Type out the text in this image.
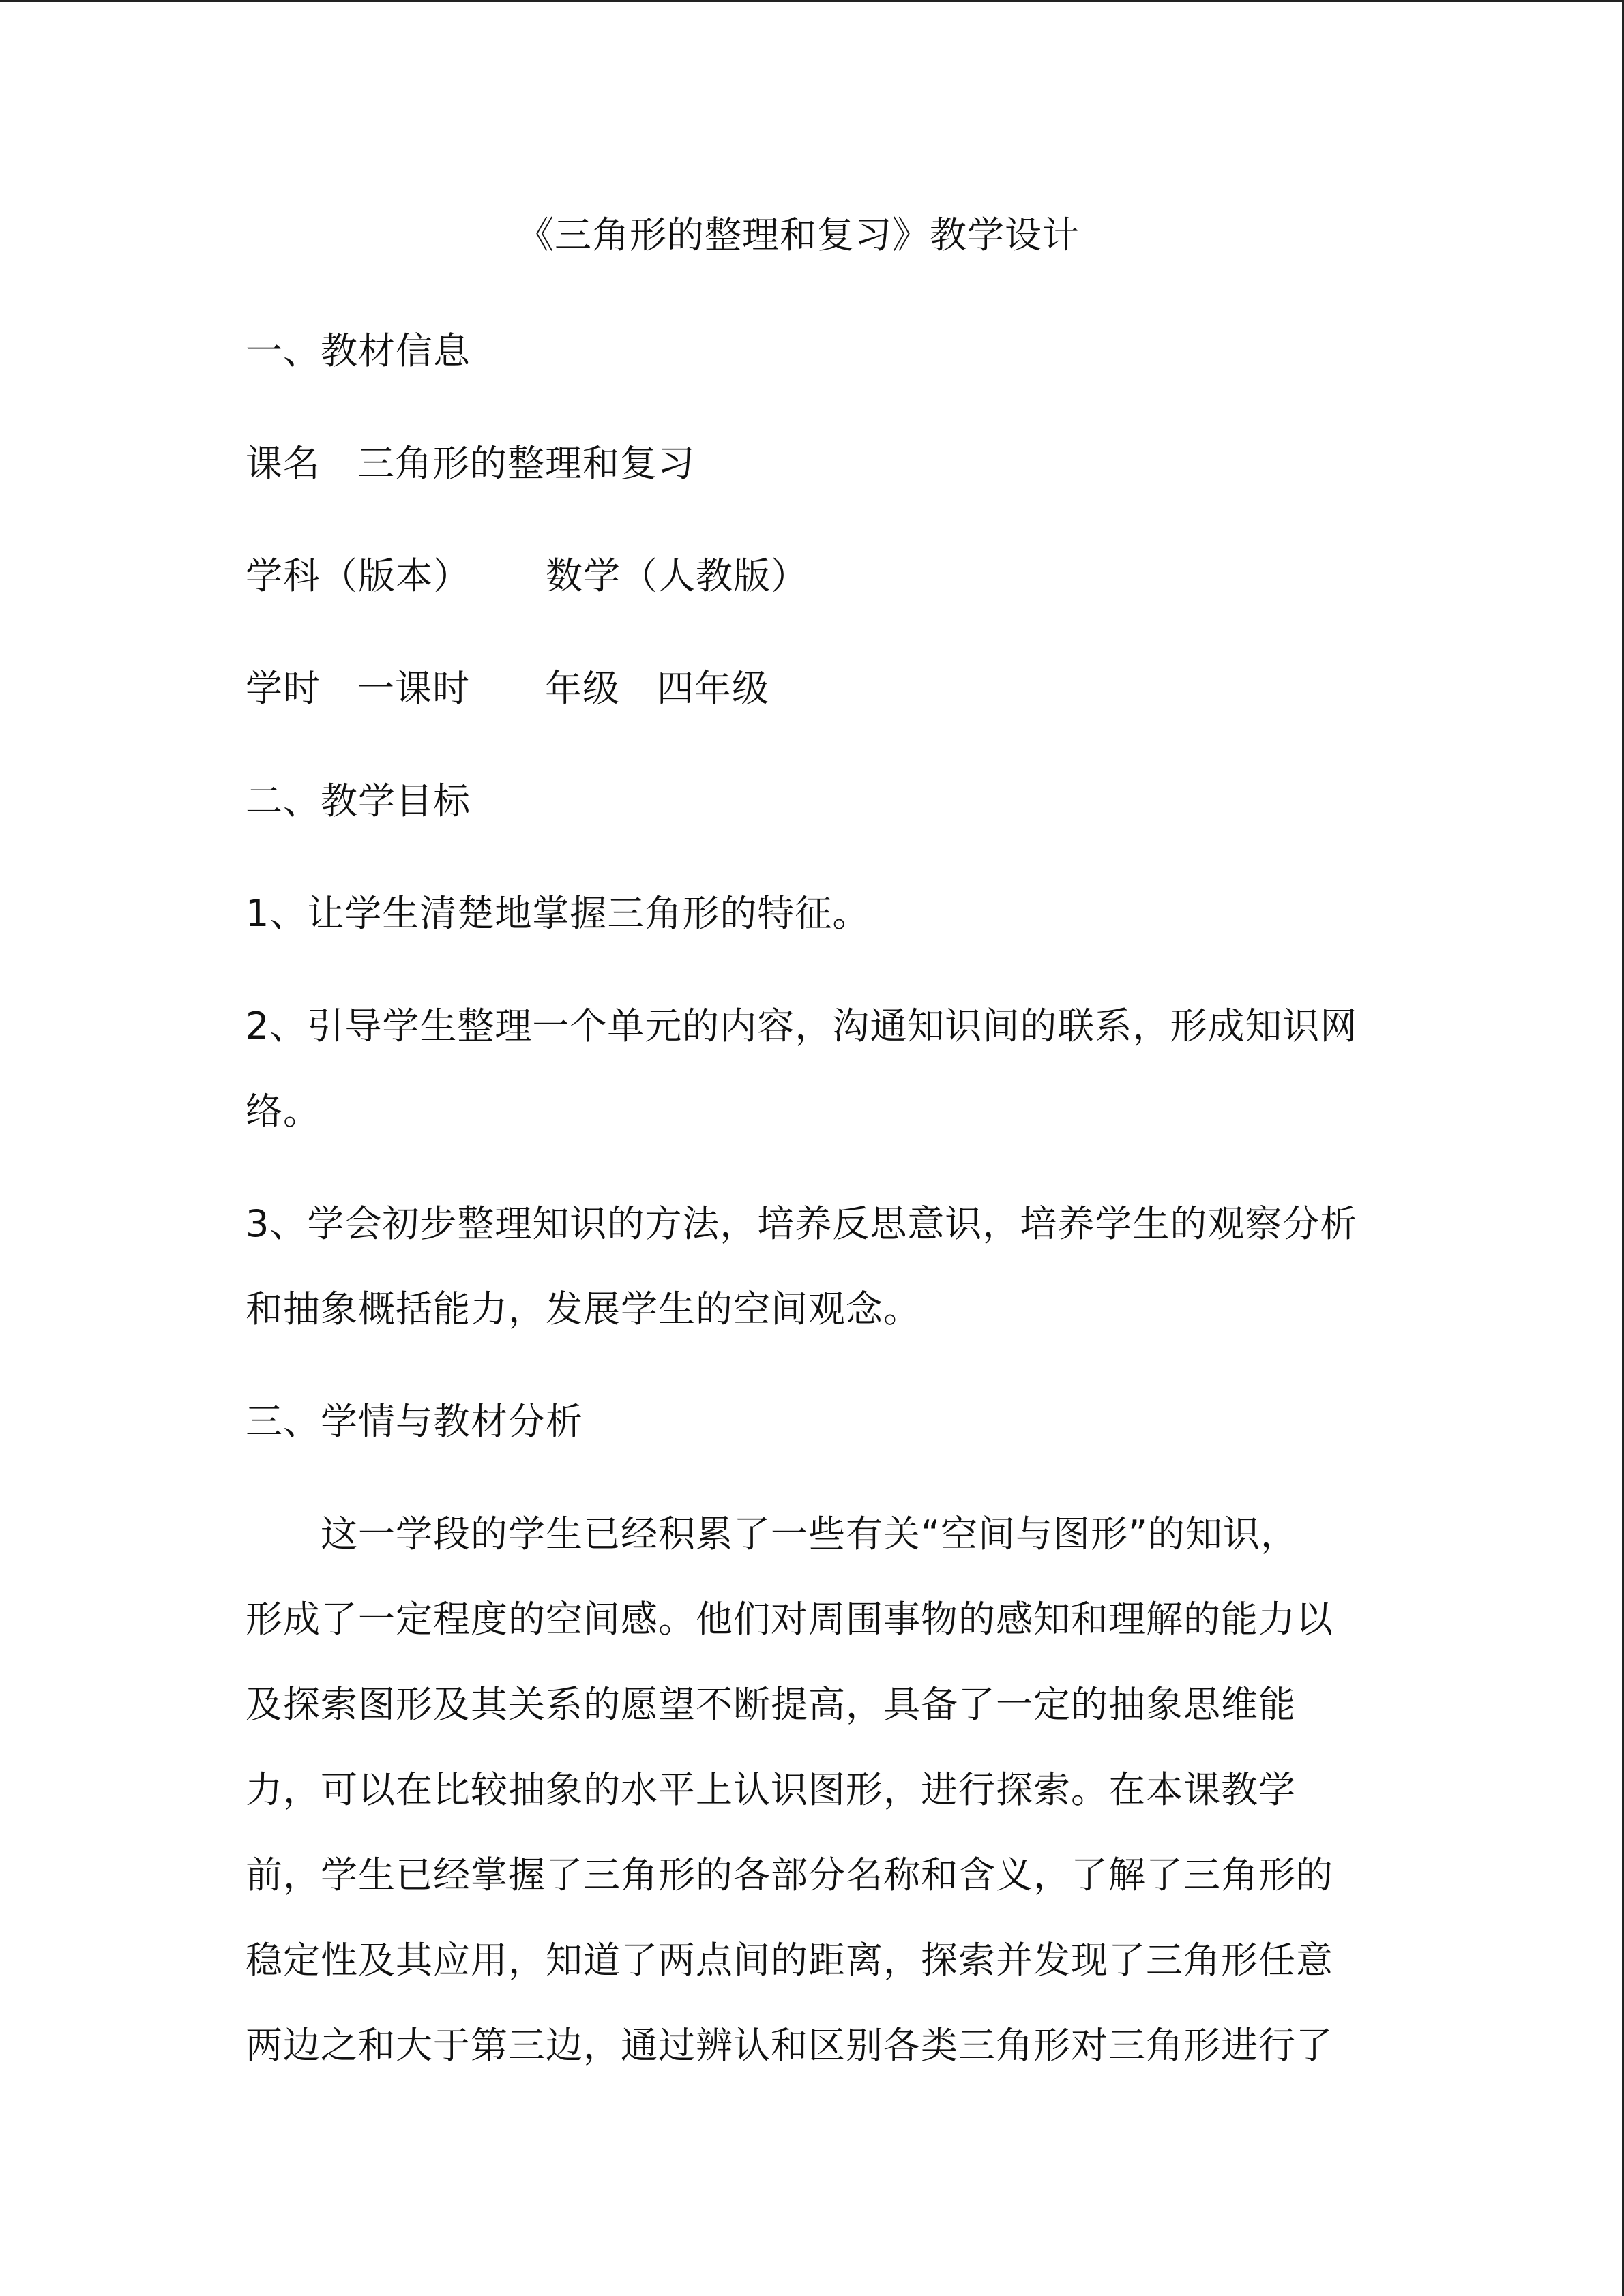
《三角形的整理和复习》教学设计
一、教材信息
课名 三角形的整理和复习
学科（版本） 数学（人教版）
学时 一课时 年级 四年级
二、教学目标
1、让学生清楚地掌握三角形的特征。
2、引导学生整理一个单元的内容，沟通知识间的联系，形成知识网
络。
3、学会初步整理知识的方法，培养反思意识，培养学生的观察分析
和抽象概括能力，发展学生的空间观念。
三、学情与教材分析
这一学段的学生已经积累了一些有关“空间与图形”的知识，
形成了一定程度的空间感。他们对周围事物的感知和理解的能力以
及探索图形及其关系的愿望不断提高，具备了一定的抽象思维能
力，可以在比较抽象的水平上认识图形，进行探索。在本课教学
前，学生已经掌握了三角形的各部分名称和含义，了解了三角形的
稳定性及其应用，知道了两点间的距离，探索并发现了三角形任意
两边之和大于第三边，通过辨认和区别各类三角形对三角形进行了
